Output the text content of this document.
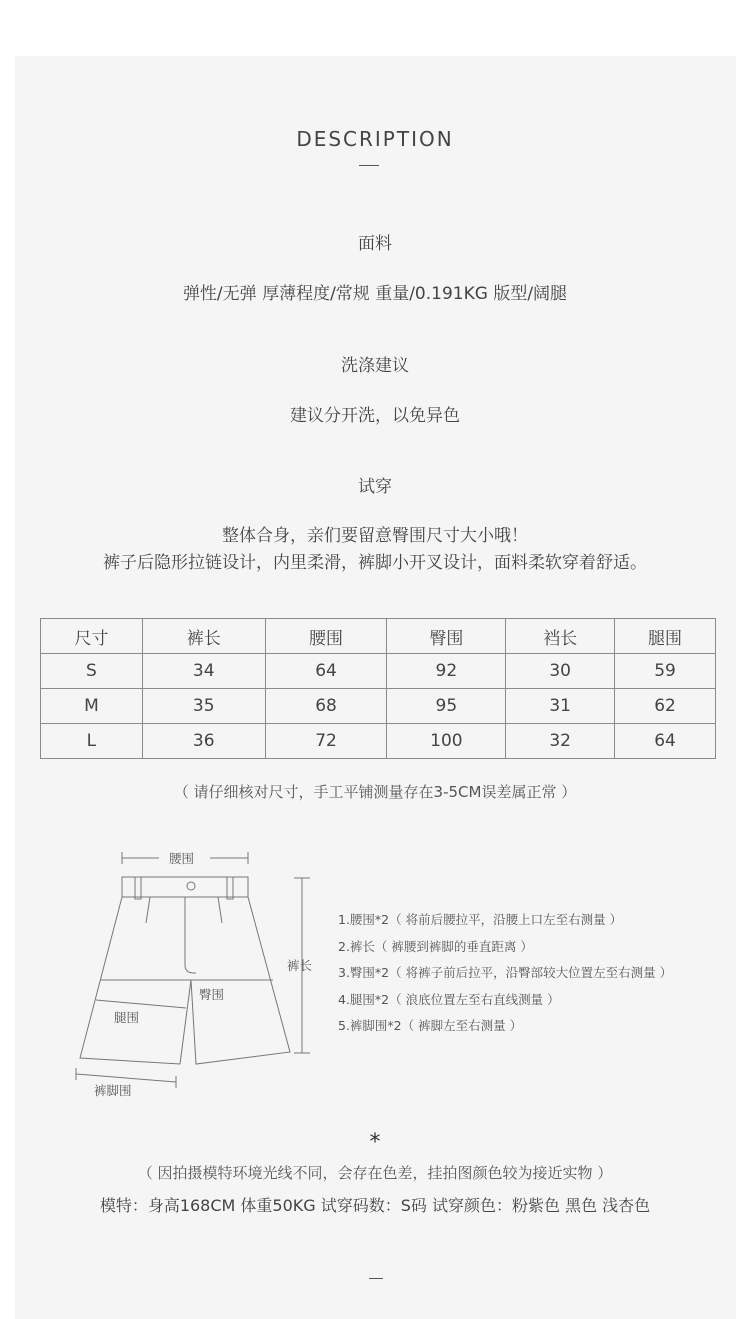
DESCRIPTION
面料
弹性/无弹 厚薄程度/常规 重量/0.191KG 版型/阔腿
洗涤建议
建议分开洗，以免异色
试穿
整体合身，亲们要留意臀围尺寸大小哦！
裤子后隐形拉链设计，内里柔滑，裤脚小开叉设计，面料柔软穿着舒适。
尺寸	裤长	腰围	臀围	裆长	腿围
S	34	64	92	30	59
M	35	68	95	31	62
L	36	72	100	32	64
（ 请仔细核对尺寸，手工平铺测量存在3-5CM误差属正常 ）
腰围
裤长
臀围
腿围
裤脚围
1.腰围*2（ 将前后腰拉平，沿腰上口左至右测量 ）
2.裤长（ 裤腰到裤脚的垂直距离 ）
3.臀围*2（ 将裤子前后拉平，沿臀部较大位置左至右测量 ）
4.腿围*2（ 浪底位置左至右直线测量 ）
5.裤脚围*2（ 裤脚左至右测量 ）
*
（ 因拍摄模特环境光线不同，会存在色差，挂拍图颜色较为接近实物 ）
模特：身高168CM 体重50KG 试穿码数：S码 试穿颜色：粉紫色 黑色 浅杏色
